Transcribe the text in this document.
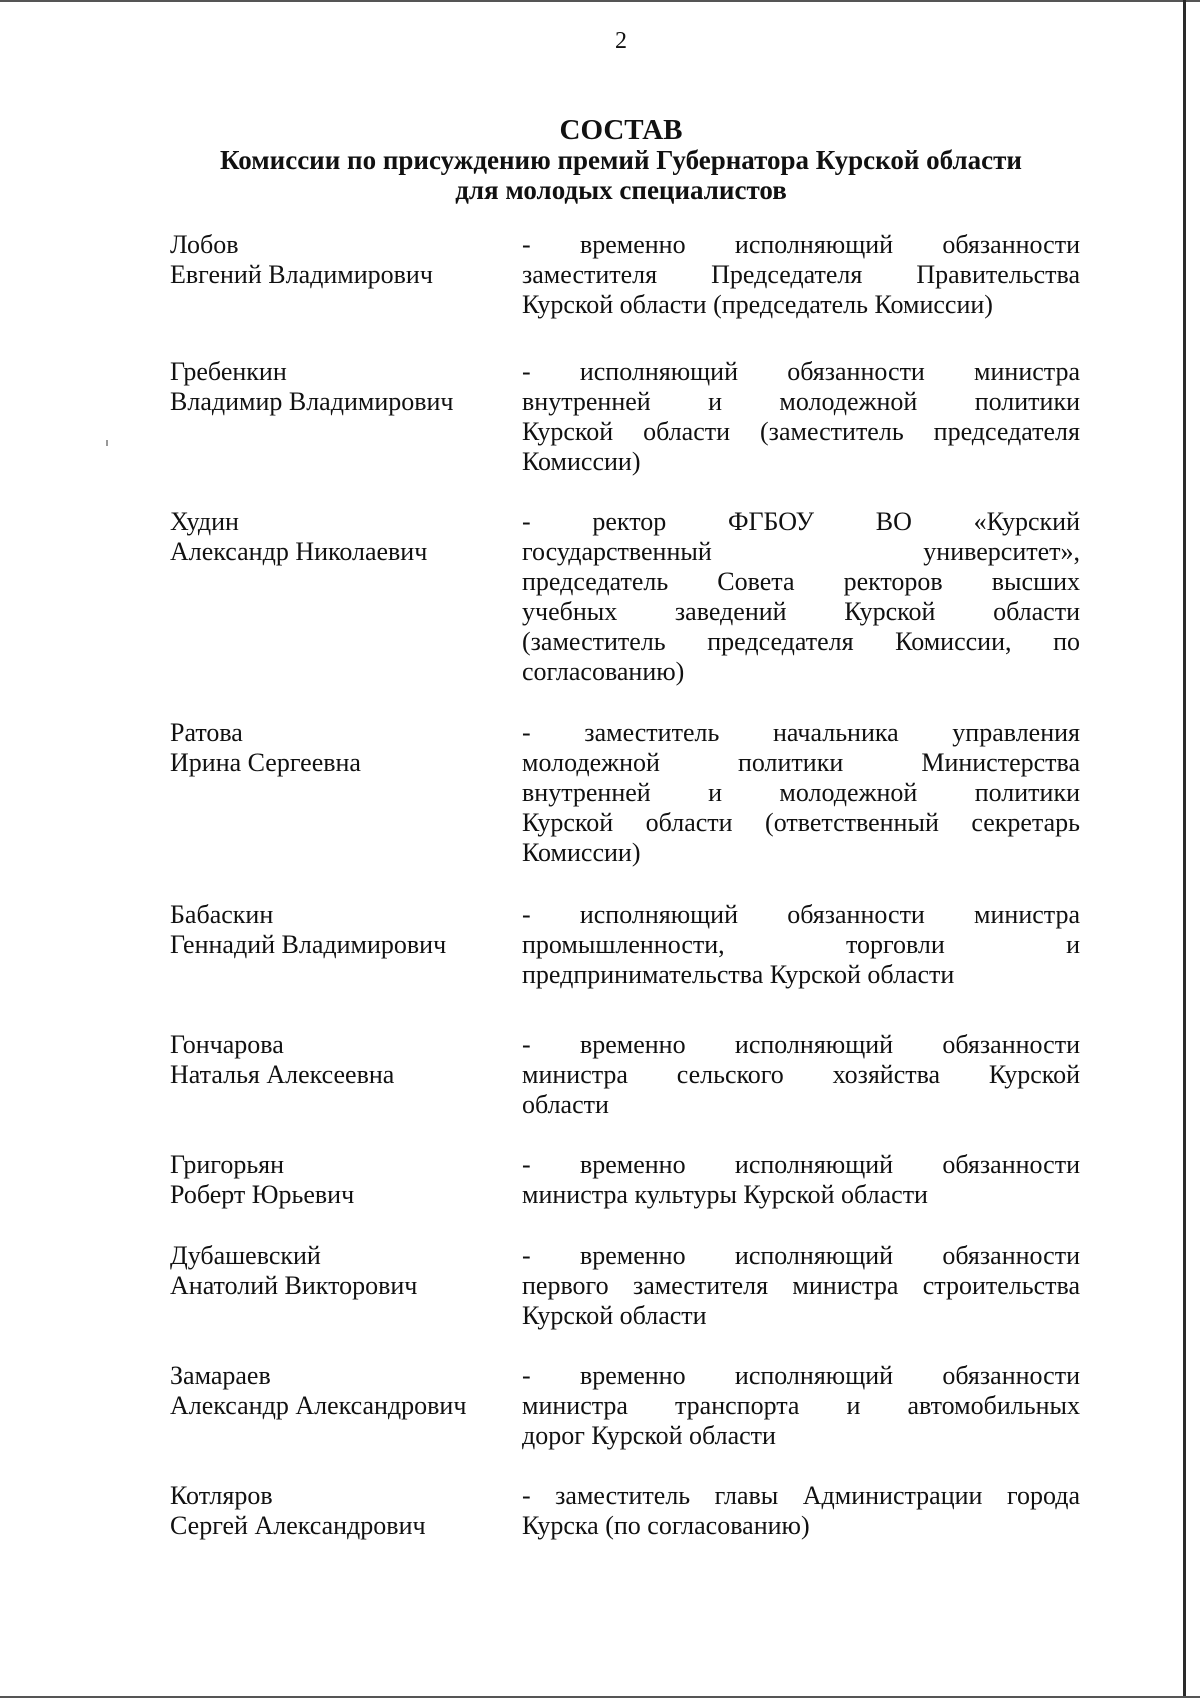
2
СОСТАВ
Комиссии по присуждению премий Губернатора Курской области
для молодых специалистов
Лобов
Евгений Владимирович
- временно исполняющий обязанности
заместителя Председателя Правительства
Курской области (председатель Комиссии)
Гребенкин
Владимир Владимирович
- исполняющий обязанности министра
внутренней и молодежной политики
Курской области (заместитель председателя
Комиссии)
Худин
Александр Николаевич
- ректор ФГБОУ ВО «Курский
государственный университет»,
председатель Совета ректоров высших
учебных заведений Курской области
(заместитель председателя Комиссии, по
согласованию)
Ратова
Ирина Сергеевна
- заместитель начальника управления
молодежной политики Министерства
внутренней и молодежной политики
Курской области (ответственный секретарь
Комиссии)
Бабаскин
Геннадий Владимирович
- исполняющий обязанности министра
промышленности, торговли и
предпринимательства Курской области
Гончарова
Наталья Алексеевна
- временно исполняющий обязанности
министра сельского хозяйства Курской
области
Григорьян
Роберт Юрьевич
- временно исполняющий обязанности
министра культуры Курской области
Дубашевский
Анатолий Викторович
- временно исполняющий обязанности
первого заместителя министра строительства
Курской области
Замараев
Александр Александрович
- временно исполняющий обязанности
министра транспорта и автомобильных
дорог Курской области
Котляров
Сергей Александрович
- заместитель главы Администрации города
Курска (по согласованию)
